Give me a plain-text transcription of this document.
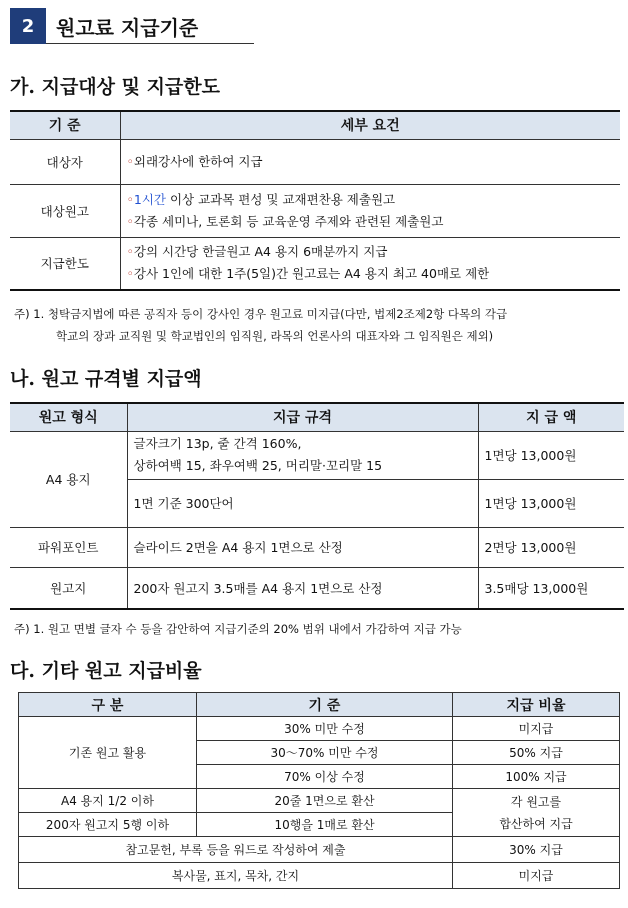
2	원고료 지급기준
가. 지급대상 및 지급한도
기 준	세부 요건
대상자	◦외래강사에 한하여 지급

대상원고	◦1시간 이상 교과목 편성 및 교재편찬용 제출원고
◦각종 세미나, 토론회 등 교육운영 주제와 관련된 제출원고

지급한도	◦강의 시간당 한글원고 A4 용지 6매분까지 지급
◦강사 1인에 대한 1주(5일)간 원고료는 A4 용지 최고 40매로 제한
주) 1. 청탁금지법에 따른 공직자 등이 강사인 경우 원고료 미지급(다만, 법제2조제2항 다목의 각급
학교의 장과 교직원 및 학교법인의 임직원, 라목의 언론사의 대표자와 그 임직원은 제외)
나. 원고 규격별 지급액
원고 형식	지급 규격	지 급 액
A4 용지	글자크기 13p, 줄 간격 160%,
상하여백 15, 좌우여백 25, 머리말·꼬리말 15	1면당 13,000원
	1면 기준 300단어	1면당 13,000원
파워포인트	슬라이드 2면을 A4 용지 1면으로 산정	2면당 13,000원
원고지	200자 원고지 3.5매를 A4 용지 1면으로 산정	3.5매당 13,000원
주) 1. 원고 면별 글자 수 등을 감안하여 지급기준의 20% 범위 내에서 가감하여 지급 가능
다. 기타 원고 지급비율
구 분	기 준	지급 비율
기존 원고 활용	30% 미만 수정	미지급
	30～70% 미만 수정	50% 지급
	70% 이상 수정	100% 지급
A4 용지 1/2 이하	20줄 1면으로 환산	각 원고를
합산하여 지급

200자 원고지 5행 이하	10행을 1매로 환산	
참고문헌, 부록 등을 워드로 작성하여 제출		30% 지급
복사물, 표지, 목차, 간지		미지급
